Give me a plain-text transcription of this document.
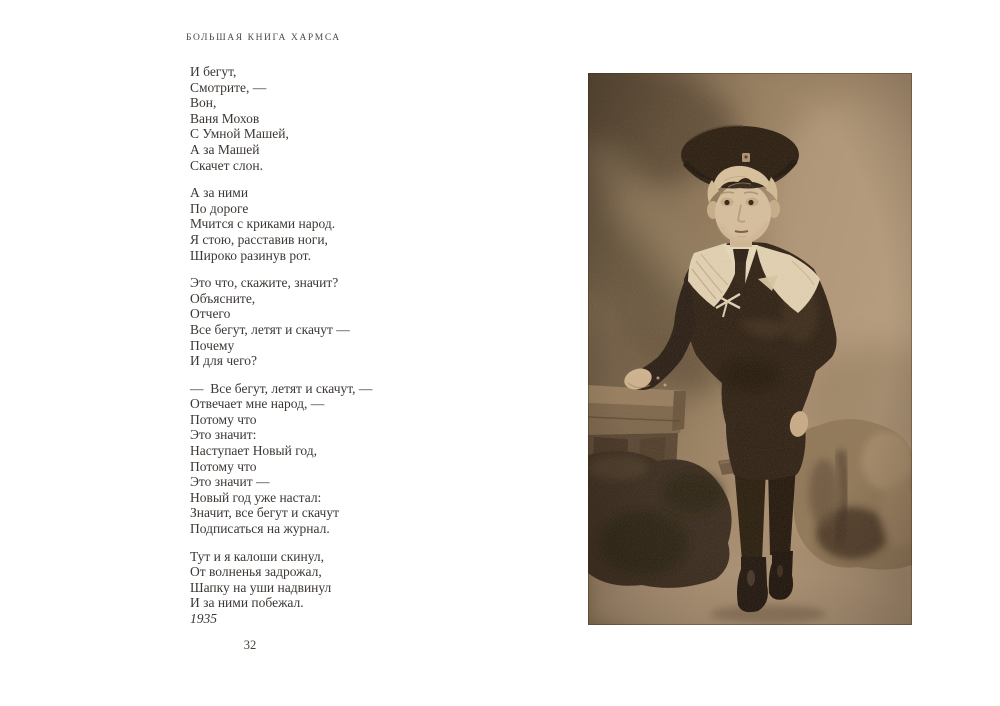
БОЛЬШАЯ КНИГА ХАРМСА
И бегут,
Смотрите, —
Вон,
Ваня Мохов
С Умной Машей,
А за Машей
Скачет слон.
А за ними
По дороге
Мчится с криками народ.
Я стою, расставив ноги,
Широко разинув рот.
Это что, скажите, значит?
Объясните,
Отчего
Все бегут, летят и скачут —
Почему
И для чего?
—  Все бегут, летят и скачут, —
Отвечает мне народ, —
Потому что
Это значит:
Наступает Новый год,
Потому что
Это значит —
Новый год уже настал:
Значит, все бегут и скачут
Подписаться на журнал.
Тут и я калоши скинул,
От волненья задрожал,
Шапку на уши надвинул
И за ними побежал.
1935
32
